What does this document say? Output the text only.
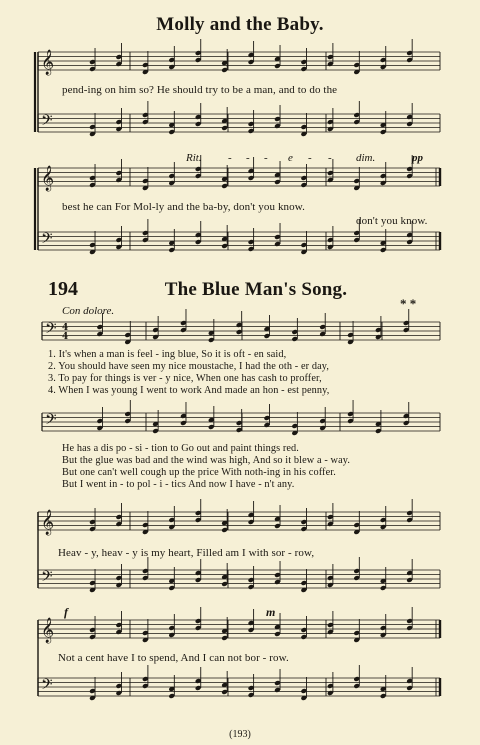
𝄞
𝄢
𝄞
𝄢
𝄢 4
4
𝄢
𝄞
𝄢
𝄞
𝄢
Molly and the Baby.
pend-ing on him so? He should try to be a man, and to do the
Rit. - - - e - - dim.	pp
best he can For Mol-ly and the ba-by, don't you know.
don't you know.
194	The Blue Man's Song.
Con dolore.	* *
1. It's when a man is feel - ing blue, So it is oft - en said,
2. You should have seen my nice moustache, I had the oth - er day,
3. To pay for things is ver - y nice, When one has cash to proffer,
4. When I was young I went to work And made an hon - est penny,
He has a dis po - si - tion to Go out and paint things red.
But the glue was bad and the wind was high, And so it blew a - way.
But one can't well cough up the price With noth-ing in his coffer.
But I went in - to pol - i - tics And now I have - n't any.
Heav - y, heav - y is my heart, Filled am I with sor - row,
f	m
Not a cent have I to spend, And I can not bor - row.
(193)
